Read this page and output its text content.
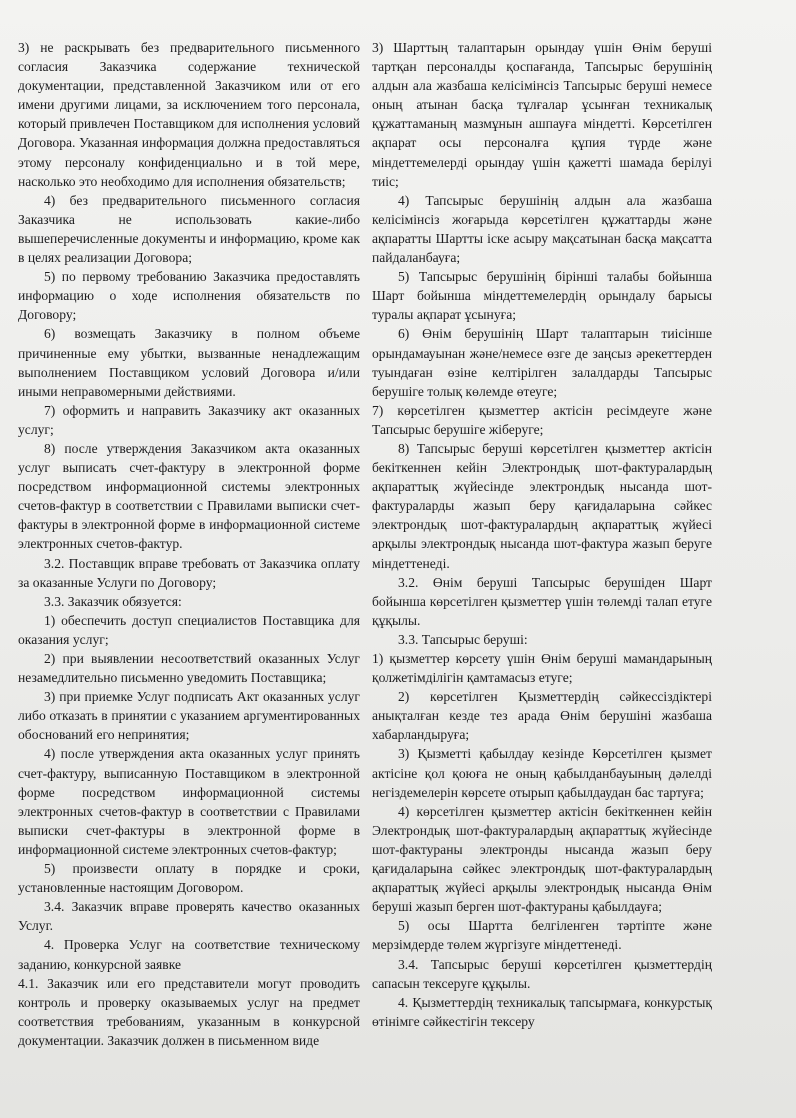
3) не раскрывать без предварительного письменного согласия Заказчика содержание технической документации, представленной Заказчиком или от его имени другими лицами, за исключением того персонала, который привлечен Поставщиком для исполнения условий Договора. Указанная информация должна предоставляться этому персоналу конфиденциально и в той мере, насколько это необходимо для исполнения обязательств;

4) без предварительного письменного согласия Заказчика не использовать какие-либо вышеперечисленные документы и информацию, кроме как в целях реализации Договора;

5) по первому требованию Заказчика предоставлять информацию о ходе исполнения обязательств по Договору;

6) возмещать Заказчику в полном объеме причиненные ему убытки, вызванные ненадлежащим выполнением Поставщиком условий Договора и/или иными неправомерными действиями.

7) оформить и направить Заказчику акт оказанных услуг;

8) после утверждения Заказчиком акта оказанных услуг выписать счет-фактуру в электронной форме посредством информационной системы электронных счетов-фактур в соответствии с Правилами выписки счет-фактуры в электронной форме в информационной системе электронных счетов-фактур.

3.2. Поставщик вправе требовать от Заказчика оплату за оказанные Услуги по Договору;

3.3. Заказчик обязуется:

1) обеспечить доступ специалистов Поставщика для оказания услуг;

2) при выявлении несоответствий оказанных Услуг незамедлительно письменно уведомить Поставщика;

3) при приемке Услуг подписать Акт оказанных услуг либо отказать в принятии с указанием аргументированных обоснований его непринятия;

4) после утверждения акта оказанных услуг принять счет-фактуру, выписанную Поставщиком в электронной форме посредством информационной системы электронных счетов-фактур в соответствии с Правилами выписки счет-фактуры в электронной форме в информационной системе электронных счетов-фактур;

5) произвести оплату в порядке и сроки, установленные настоящим Договором.

3.4. Заказчик вправе проверять качество оказанных Услуг.

4. Проверка Услуг на соответствие техническому заданию, конкурсной заявке

4.1. Заказчик или его представители могут проводить контроль и проверку оказываемых услуг на предмет соответствия требованиям, указанным в конкурсной документации. Заказчик должен в письменном виде

3) Шарттың талаптарын орындау үшін Өнім беруші тартқан персоналды қоспағанда, Тапсырыс берушінің алдын ала жазбаша келісімінсіз Тапсырыс беруші немесе оның атынан басқа тұлғалар ұсынған техникалық құжаттаманың мазмұнын ашпауға міндетті. Көрсетілген ақпарат осы персоналға құпия түрде және міндеттемелерді орындау үшін қажетті шамада берілуі тиіс;

4) Тапсырыс берушінің алдын ала жазбаша келісімінсіз жоғарыда көрсетілген құжаттарды және ақпаратты Шартты іске асыру мақсатынан басқа мақсатта пайдаланбауға;

5) Тапсырыс берушінің бірінші талабы бойынша Шарт бойынша міндеттемелердің орындалу барысы туралы ақпарат ұсынуға;

6) Өнім берушінің Шарт талаптарын тиісінше орындамауынан және/немесе өзге де заңсыз әрекеттерден туындаған өзіне келтірілген залалдарды Тапсырыс берушіге толық көлемде өтеуге;

7) көрсетілген қызметтер актісін ресімдеуге және Тапсырыс берушіге жіберуге;

8) Тапсырыс беруші көрсетілген қызметтер актісін бекіткеннен кейін Электрондық шот-фактуралардың ақпараттық жүйесінде электрондық нысанда шот-фактураларды жазып беру қағидаларына сәйкес электрондық шот-фактуралардың ақпараттық жүйесі арқылы электрондық нысанда шот-фактура жазып беруге міндеттенеді.

3.2. Өнім беруші Тапсырыс берушіден Шарт бойынша көрсетілген қызметтер үшін төлемді талап етуге құқылы.

3.3. Тапсырыс беруші:

1) қызметтер көрсету үшін Өнім беруші мамандарының қолжетімділігін қамтамасыз етуге;

2) көрсетілген Қызметтердің сәйкессіздіктері анықталған кезде тез арада Өнім берушіні жазбаша хабарландыруға;

3) Қызметті қабылдау кезінде Көрсетілген қызмет актісіне қол қоюға не оның қабылданбауының дәлелді негіздемелерін көрсете отырып қабылдаудан бас тартуға;

4) көрсетілген қызметтер актісін бекіткеннен кейін Электрондық шот-фактуралардың ақпараттық жүйесінде шот-фактураны электронды нысанда жазып беру қағидаларына сәйкес электрондық шот-фактуралардың ақпараттық жүйесі арқылы электрондық нысанда Өнім беруші жазып берген шот-фактураны қабылдауға;

5) осы Шартта белгіленген тәртіпте және мерзімдерде төлем жүргізуге міндеттенеді.

3.4. Тапсырыс беруші көрсетілген қызметтердің сапасын тексеруге құқылы.

4. Қызметтердің техникалық тапсырмаға, конкурстық өтінімге сәйкестігін тексеру
